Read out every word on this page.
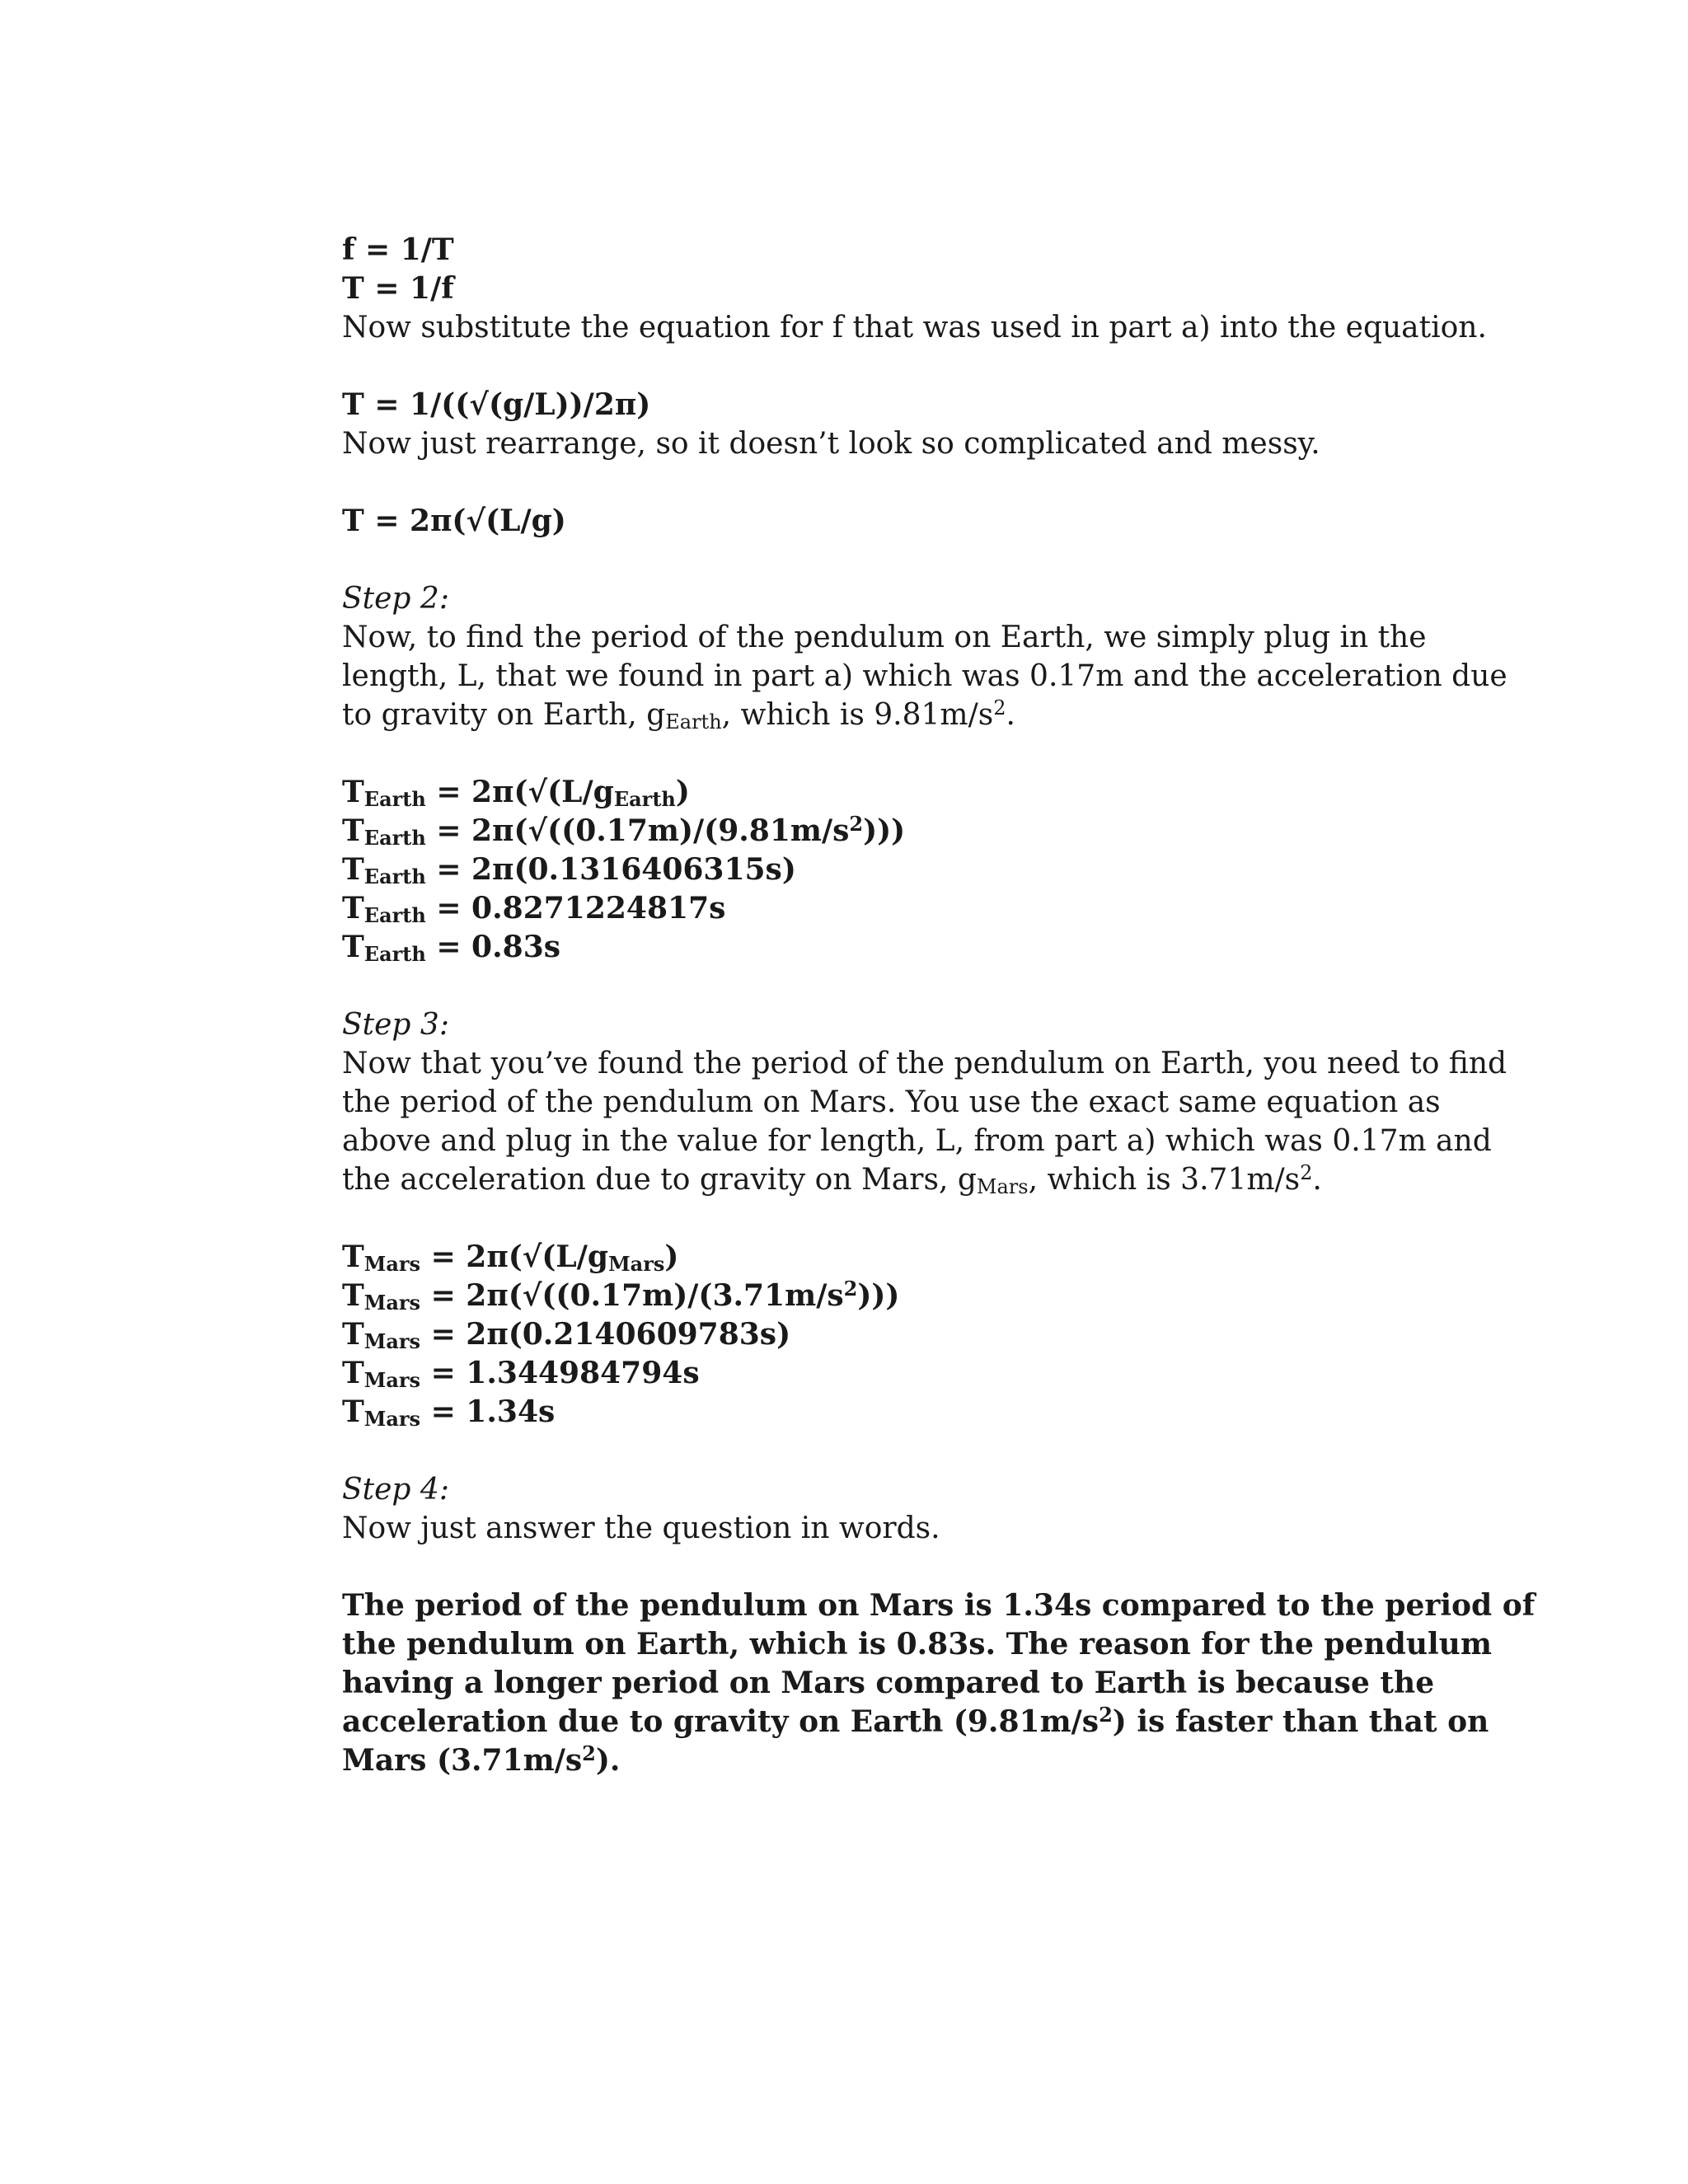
f = 1/T
T = 1/f
Now substitute the equation for f that was used in part a) into the equation.
T = 1/((√(g/L))/2π)
Now just rearrange, so it doesn’t look so complicated and messy.
T = 2π(√(L/g)
Step 2:
Now, to find the period of the pendulum on Earth, we simply plug in the
length, L, that we found in part a) which was 0.17m and the acceleration due
to gravity on Earth, $g_{Earth}$, which is $9.81m/s^2$.
$T_{Earth} = 2\pi(√(L/g_{Earth})$
$T_{Earth} = 2\pi(√((0.17m)/(9.81m/s^2)))$
$T_{Earth} = 2\pi(0.1316406315s)$
$T_{Earth} = 0.8271224817s$
$T_{Earth} = 0.83s$
Step 3:
Now that you’ve found the period of the pendulum on Earth, you need to find
the period of the pendulum on Mars. You use the exact same equation as
above and plug in the value for length, L, from part a) which was 0.17m and
the acceleration due to gravity on Mars, $g_{Mars}$, which is $3.71m/s^2$.
$T_{Mars} = 2\pi(√(L/g_{Mars})$
$T_{Mars} = 2\pi(√((0.17m)/(3.71m/s^2)))$
$T_{Mars} = 2\pi(0.2140609783s)$
$T_{Mars} = 1.344984794s$
$T_{Mars} = 1.34s$
Step 4:
Now just answer the question in words.
The period of the pendulum on Mars is 1.34s compared to the period of
the pendulum on Earth, which is 0.83s. The reason for the pendulum
having a longer period on Mars compared to Earth is because the
acceleration due to gravity on Earth $(9.81m/s^2)$ is faster than that on
Mars $(3.71m/s^2)$.
